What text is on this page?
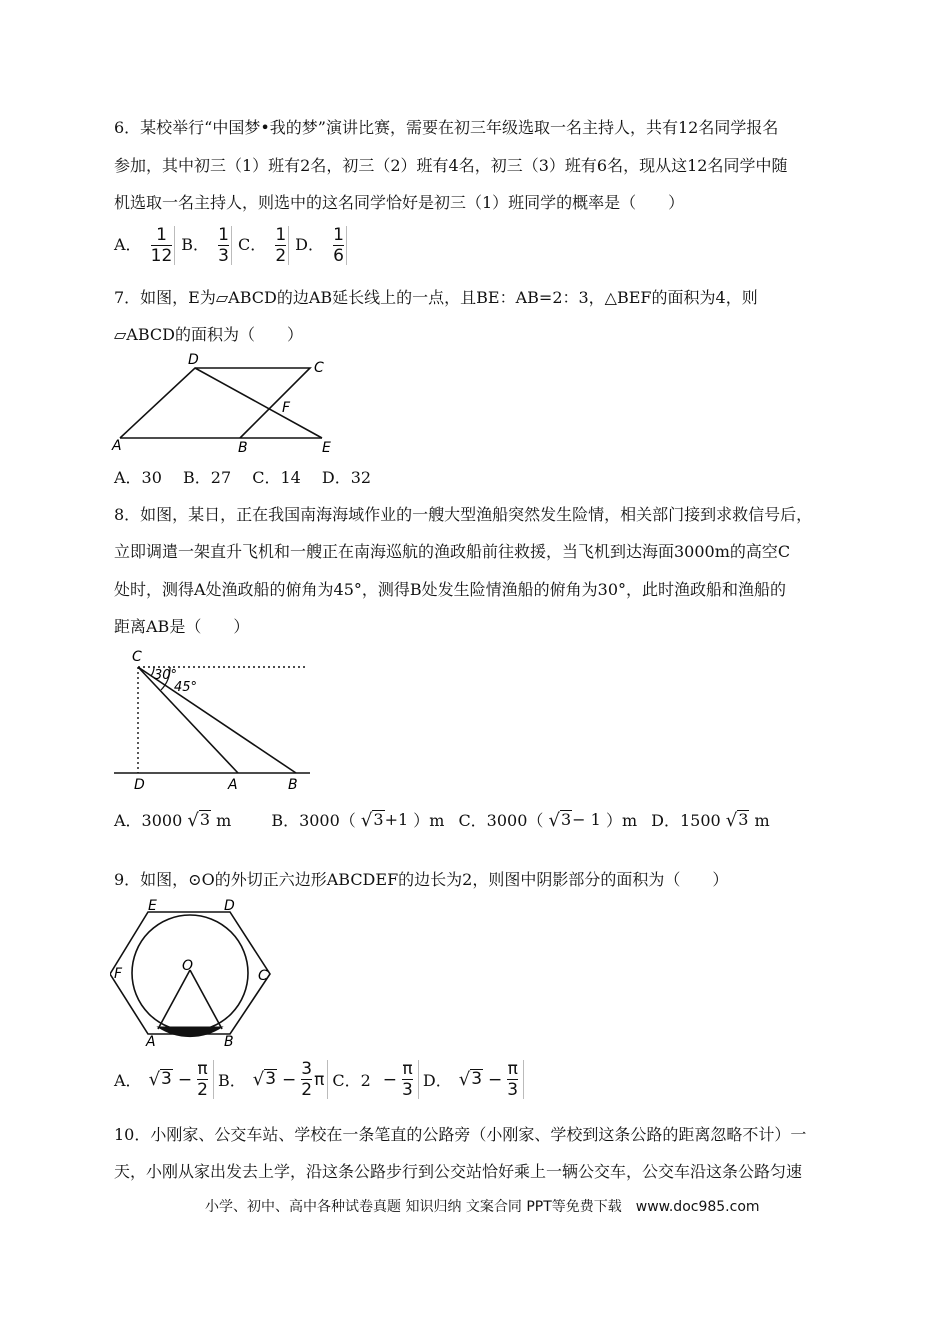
6．某校举行“中国梦•我的梦”演讲比赛，需要在初三年级选取一名主持人，共有12名同学报名
参加，其中初三（1）班有2名，初三（2）班有4名，初三（3）班有6名，现从这12名同学中随
机选取一名主持人，则选中的这名同学恰好是初三（1）班同学的概率是（　　）
A． $\frac{1}{12}$ B． $\frac{1}{3}$ C． $\frac{1}{2}$ D． $\frac{1}{6}$
7．如图，E为▱ABCD的边AB延长线上的一点，且BE：AB=2：3，△BEF的面积为4，则
▱ABCD的面积为（　　）
D	C
F
A	B	E
A．30　 B．27　 C．14　 D．32
8．如图，某日，正在我国南海海域作业的一艘大型渔船突然发生险情，相关部门接到求救信号后，
立即调遣一架直升飞机和一艘正在南海巡航的渔政船前往救援，当飞机到达海面3000m的高空C
处时，测得A处渔政船的俯角为45°，测得B处发生险情渔船的俯角为30°，此时渔政船和渔船的
距离AB是（　　）
C
30°
45°
D	A	B
A．3000 √ 3 m	B．3000（ √ 3 +1 ）m C．3000（ √ 3 − 1 ）m D．1500 √ 3 m
9．如图，⊙O的外切正六边形ABCDEF的边长为2，则图中阴影部分的面积为（　　）
E	D
F	O
C
A	B
A． √ $3 - \frac{\pi}{2}$ B． √ $3 - \frac{3}{2}$ π C．$2 - \frac{\pi}{3}$ D． √ $3 - \frac{\pi}{3}$
10．小刚家、公交车站、学校在一条笔直的公路旁（小刚家、学校到这条公路的距离忽略不计）一
天，小刚从家出发去上学，沿这条公路步行到公交站恰好乘上一辆公交车，公交车沿这条公路匀速
小学、初中、高中各种试卷真题 知识归纳 文案合同 PPT等免费下载　www.doc985.com
